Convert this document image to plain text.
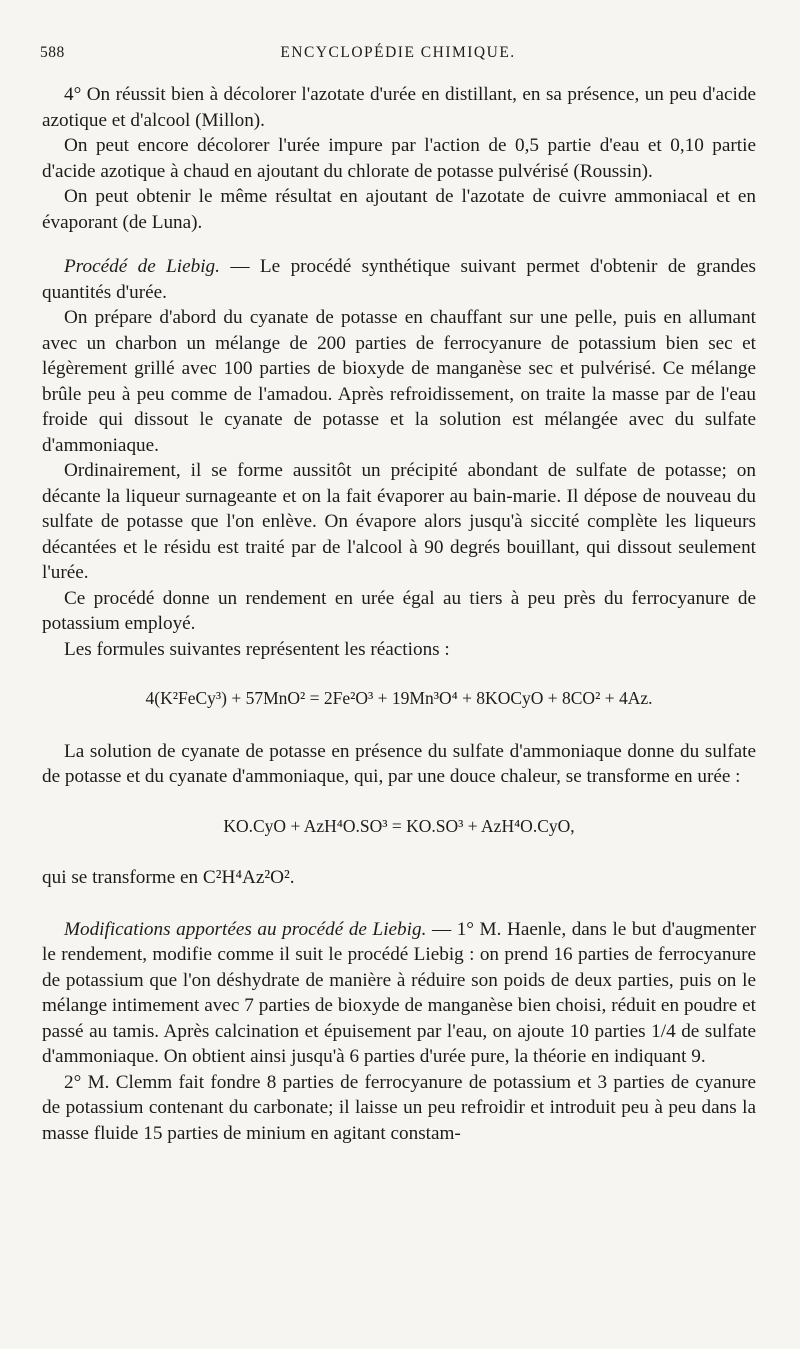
588	ENCYCLOPÉDIE CHIMIQUE.

4° On réussit bien à décolorer l'azotate d'urée en distillant, en sa présence, un peu d'acide azotique et d'alcool (Millon).

On peut encore décolorer l'urée impure par l'action de 0,5 partie d'eau et 0,10 partie d'acide azotique à chaud en ajoutant du chlorate de potasse pulvérisé (Roussin).

On peut obtenir le même résultat en ajoutant de l'azotate de cuivre ammoniacal et en évaporant (de Luna).

Procédé de Liebig. — Le procédé synthétique suivant permet d'obtenir de grandes quantités d'urée.

On prépare d'abord du cyanate de potasse en chauffant sur une pelle, puis en allumant avec un charbon un mélange de 200 parties de ferrocyanure de potassium bien sec et légèrement grillé avec 100 parties de bioxyde de manganèse sec et pulvérisé. Ce mélange brûle peu à peu comme de l'amadou. Après refroidissement, on traite la masse par de l'eau froide qui dissout le cyanate de potasse et la solution est mélangée avec du sulfate d'ammoniaque.

Ordinairement, il se forme aussitôt un précipité abondant de sulfate de potasse; on décante la liqueur surnageante et on la fait évaporer au bain-marie. Il dépose de nouveau du sulfate de potasse que l'on enlève. On évapore alors jusqu'à siccité complète les liqueurs décantées et le résidu est traité par de l'alcool à 90 degrés bouillant, qui dissout seulement l'urée.

Ce procédé donne un rendement en urée égal au tiers à peu près du ferrocyanure de potassium employé.

Les formules suivantes représentent les réactions :

4(K²FeCy³) + 57MnO² = 2Fe²O³ + 19Mn³O⁴ + 8KOCyO + 8CO² + 4Az.

La solution de cyanate de potasse en présence du sulfate d'ammoniaque donne du sulfate de potasse et du cyanate d'ammoniaque, qui, par une douce chaleur, se transforme en urée :

KO.CyO + AzH⁴O.SO³ = KO.SO³ + AzH⁴O.CyO,

qui se transforme en C²H⁴Az²O².

Modifications apportées au procédé de Liebig. — 1° M. Haenle, dans le but d'augmenter le rendement, modifie comme il suit le procédé Liebig : on prend 16 parties de ferrocyanure de potassium que l'on déshydrate de manière à réduire son poids de deux parties, puis on le mélange intimement avec 7 parties de bioxyde de manganèse bien choisi, réduit en poudre et passé au tamis. Après calcination et épuisement par l'eau, on ajoute 10 parties 1/4 de sulfate d'ammoniaque. On obtient ainsi jusqu'à 6 parties d'urée pure, la théorie en indiquant 9.

2° M. Clemm fait fondre 8 parties de ferrocyanure de potassium et 3 parties de cyanure de potassium contenant du carbonate; il laisse un peu refroidir et introduit peu à peu dans la masse fluide 15 parties de minium en agitant constam-
